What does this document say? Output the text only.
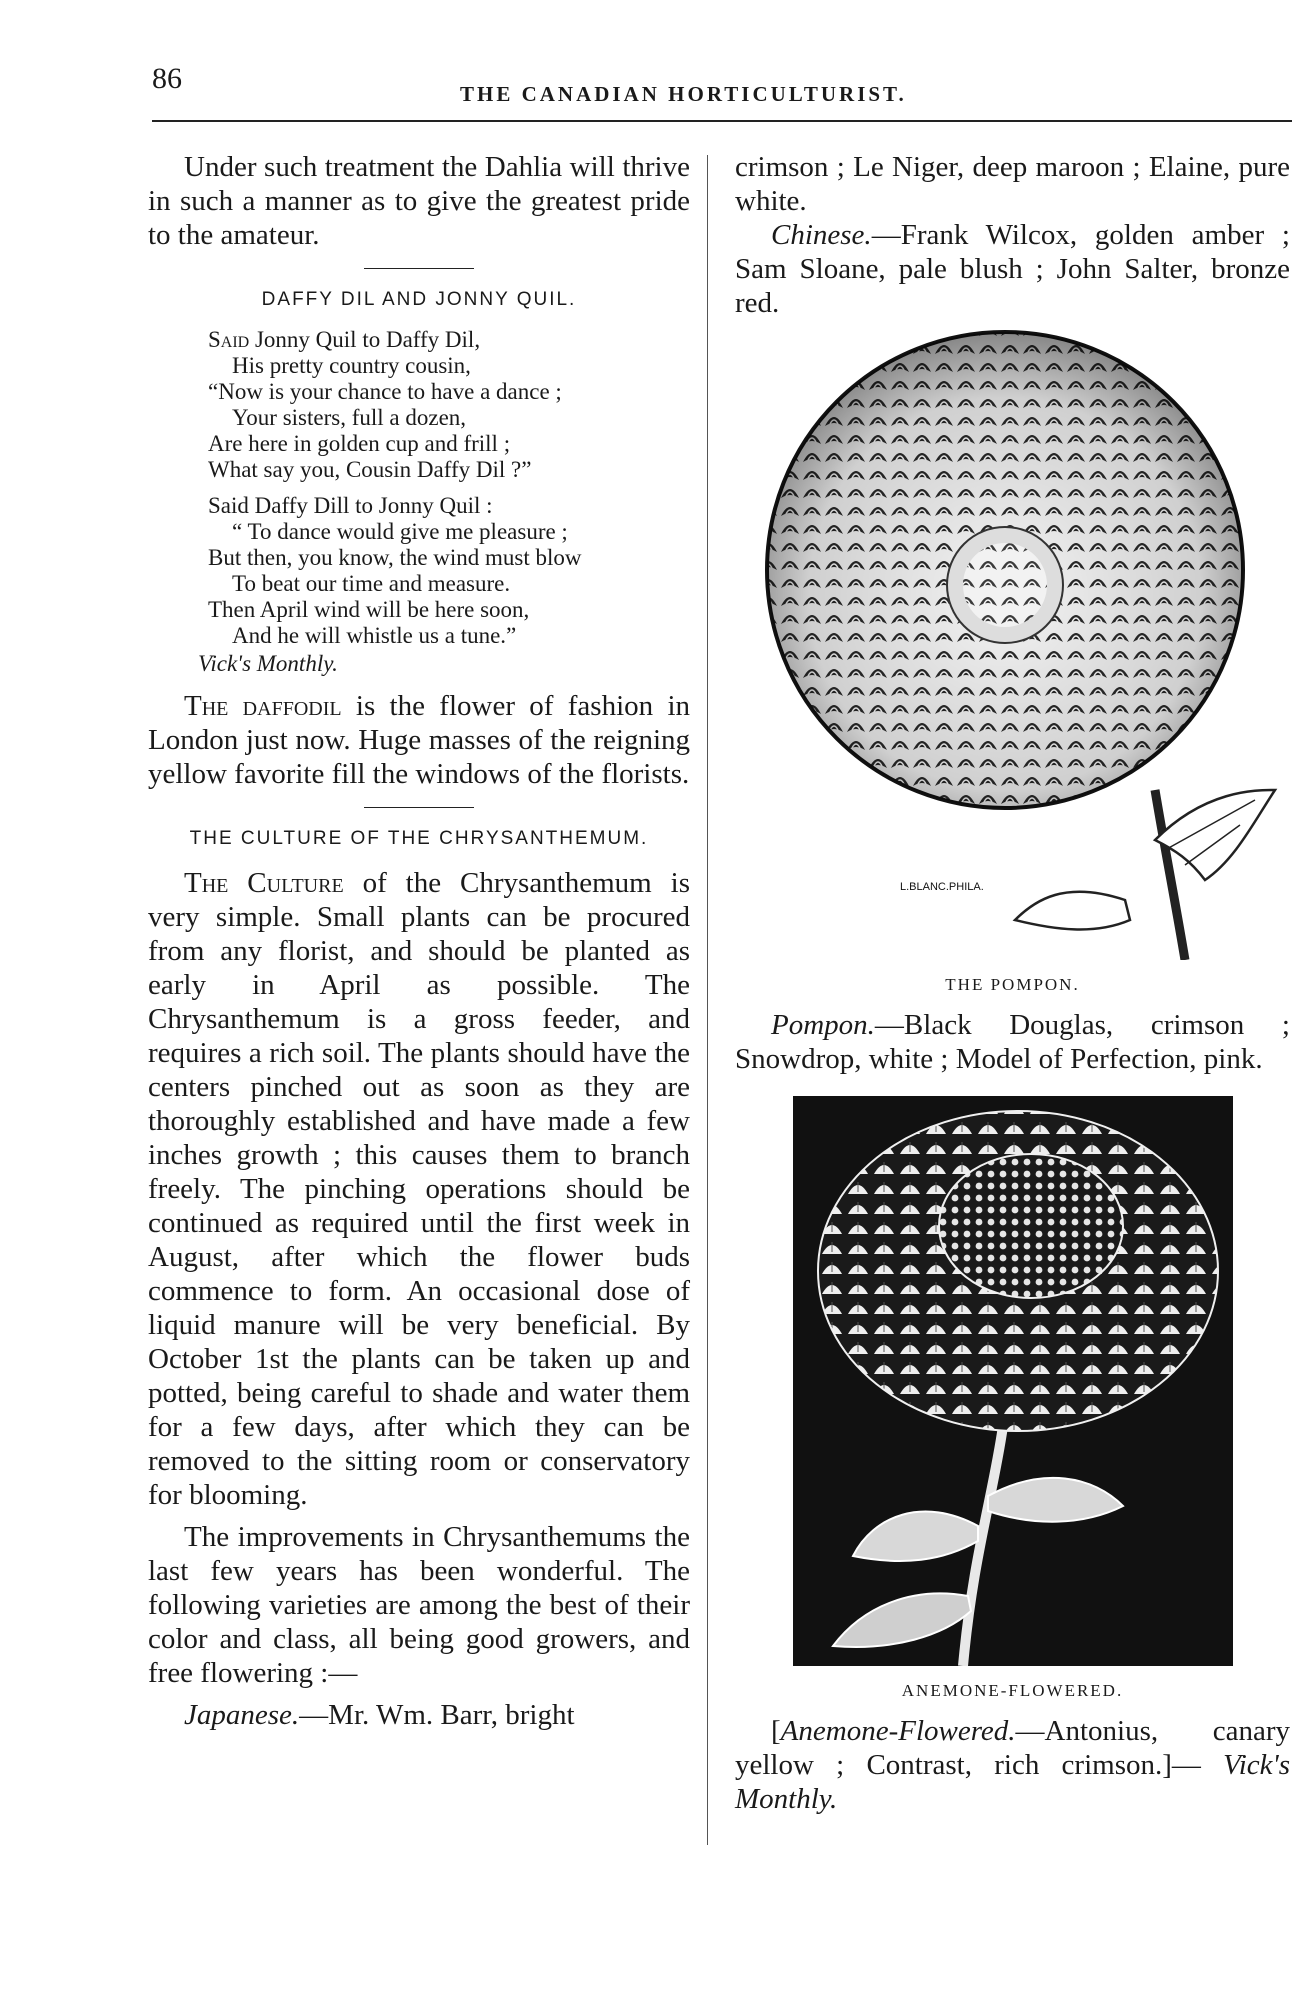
86	THE CANADIAN HORTICULTURIST.

Under such treatment the Dahlia will thrive in such a manner as to give the greatest pride to the amateur.

DAFFY DIL AND JONNY QUIL.
Said Jonny Quil to Daffy Dil,
His pretty country cousin,
“Now is your chance to have a dance ;
Your sisters, full a dozen,
Are here in golden cup and frill ;
What say you, Cousin Daffy Dil ?”
Said Daffy Dill to Jonny Quil :
“ To dance would give me pleasure ;
But then, you know, the wind must blow
To beat our time and measure.
Then April wind will be here soon,
And he will whistle us a tune.”
Vick's Monthly.

The daffodil is the flower of fashion in London just now. Huge masses of the reigning yellow favorite fill the windows of the florists.

THE CULTURE OF THE CHRYSANTHEMUM.

The Culture of the Chrysanthemum is very simple. Small plants can be procured from any florist, and should be planted as early in April as possible. The Chrysanthemum is a gross feeder, and requires a rich soil. The plants should have the centers pinched out as soon as they are thoroughly established and have made a few inches growth ; this causes them to branch freely. The pinching operations should be continued as required until the first week in August, after which the flower buds commence to form. An occasional dose of liquid manure will be very beneficial. By October 1st the plants can be taken up and potted, being careful to shade and water them for a few days, after which they can be removed to the sitting room or conservatory for blooming.

The improvements in Chrysanthemums the last few years has been wonderful. The following varieties are among the best of their color and class, all being good growers, and free flowering :—

Japanese.—Mr. Wm. Barr, bright

crimson ; Le Niger, deep maroon ; Elaine, pure white.

Chinese.—Frank Wilcox, golden amber ; Sam Sloane, pale blush ; John Salter, bronze red.

L.BLANC.PHILA.
THE POMPON.

Pompon.—Black Douglas, crimson ; Snowdrop, white ; Model of Perfection, pink.

ANEMONE-FLOWERED.

[Anemone-Flowered.—Antonius, canary yellow ; Contrast, rich crimson.]— Vick's Monthly.
